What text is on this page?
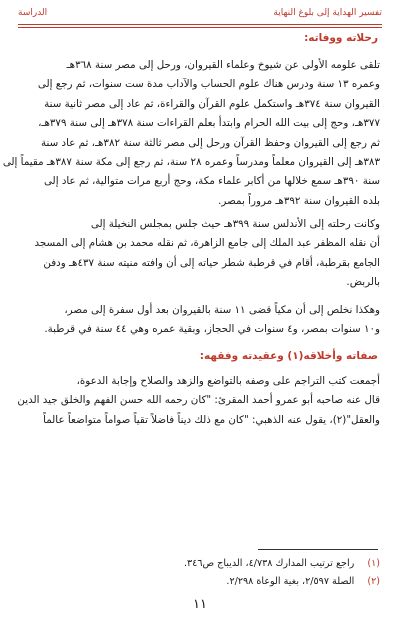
تفسير الهداية إلى بلوغ النهاية
الدراسة
رحلاته ووفاته:
تلقى علومه الأولى عن شيوخ وعلماء القيروان، ورحل إلى مصر سنة ٣٦٨هـ
وعمره ١٣ سنة ودرس هناك علوم الحساب والآداب مدة ست سنوات، ثم رجع إلى
القيروان سنة ٣٧٤هـ واستكمل علوم القرآن والقراءة، ثم عاد إلى مصر ثانية سنة
٣٧٧هـ، وحج إلى بيت الله الحرام وابتدأ بعلم القراءات سنة ٣٧٨هـ إلى سنة ٣٧٩هـ،
ثم رجع إلى القيروان وحفظ القرآن ورحل إلى مصر ثالثة سنة ٣٨٢هـ، ثم عاد سنة
٣٨٣هـ إلى القيروان معلماً ومدرساً وعمره ٢٨ سنة، ثم رجع إلى مكة سنة ٣٨٧هـ مقيماً إلى
سنة ٣٩٠هـ سمع خلالها من أكابر علماء مكة، وحج أربع مرات متوالية، ثم عاد إلى
بلده القيروان سنة ٣٩٢هـ مروراً بمصر.
وكانت رحلته إلى الأندلس سنة ٣٩٩هـ حيث جلس بمجلس النخيلة إلى
أن نقله المظفر عبد الملك إلى جامع الزاهرة، ثم نقله محمد بن هشام إلى المسجد
الجامع بقرطبة، أقام في قرطبة شطر حياته إلى أن وافته منيته سنة ٤٣٧هـ ودفن
بالربض.
وهكذا نخلص إلى أن مكياً قضى ١١ سنة بالقيروان بعد أول سفرة إلى مصر،
و١٠ سنوات بمصر، و٤ سنوات في الحجاز، وبقية عمره وهي ٤٤ سنة في قرطبة.
صفاته وأخلاقه(١) وعقيدته وفقهه:
أجمعت كتب التراجم على وصفه بالتواضع والزهد والصلاح وإجابة الدعوة،
قال عنه صاحبه أبو عمرو أحمد المقرئ: "كان رحمه الله حسن الفهم والخلق جيد الدين
والعقل"(٢)، يقول عنه الذهبي: "كان مع ذلك ديناً فاضلاً تقياً صواماً متواضعاً عالماً
(١) راجع ترتيب المدارك ٤/٧٣٨، الديباج ص٣٤٦.
(٢) الصلة ٢/٥٩٧، بغية الوعاة ٢/٢٩٨.
١١
